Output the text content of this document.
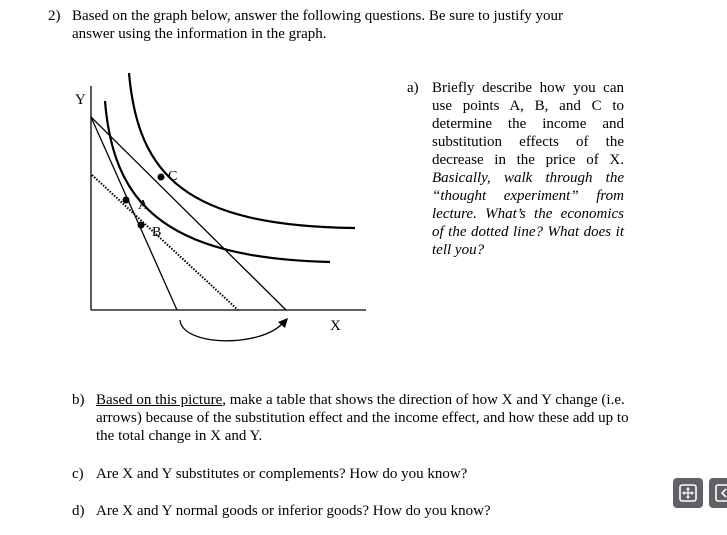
2) Based on the graph below, answer the following questions. Be sure to justify your
answer using the information in the graph.
A
B
C
Y
X
a) Briefly describe how you can use points A, B, and C to determine the income and substitution effects of the decrease in the price of X. Basically, walk through the “thought experiment” from lecture. What’s the economics of the dotted line? What does it tell you?
b) Based on this picture, make a table that shows the direction of how X and Y change (i.e. arrows) because of the substitution effect and the income effect, and how these add up to the total change in X and Y.
c) Are X and Y substitutes or complements? How do you know?
d) Are X and Y normal goods or inferior goods? How do you know?
